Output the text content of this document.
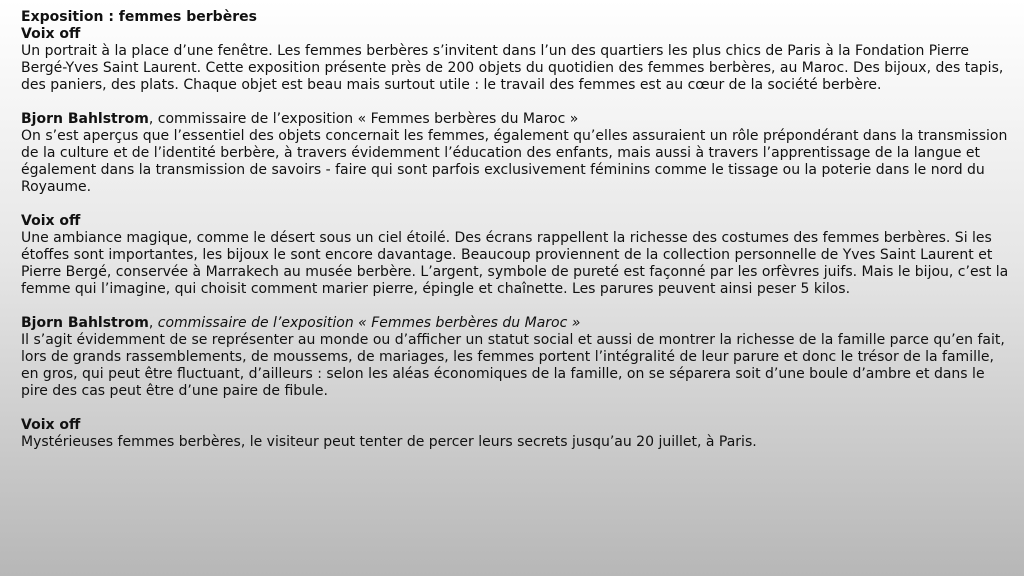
Exposition : femmes berbères

Voix off

Un portrait à la place d’une fenêtre. Les femmes berbères s’invitent dans l’un des quartiers les plus chics de Paris à la Fondation Pierre Bergé-Yves Saint Laurent. Cette exposition présente près de 200 objets du quotidien des femmes berbères, au Maroc. Des bijoux, des tapis, des paniers, des plats. Chaque objet est beau mais surtout utile : le travail des femmes est au cœur de la société berbère.

Bjorn Bahlstrom, commissaire de l’exposition « Femmes berbères du Maroc »

On s’est aperçus que l’essentiel des objets concernait les femmes, également qu’elles assuraient un rôle prépondérant dans la transmission de la culture et de l’identité berbère, à travers évidemment l’éducation des enfants, mais aussi à travers l’apprentissage de la langue et également dans la transmission de savoirs - faire qui sont parfois exclusivement féminins comme le tissage ou la poterie dans le nord du Royaume.

Voix off

Une ambiance magique, comme le désert sous un ciel étoilé. Des écrans rappellent la richesse des costumes des femmes berbères. Si les étoffes sont importantes, les bijoux le sont encore davantage. Beaucoup proviennent de la collection personnelle de Yves Saint Laurent et Pierre Bergé, conservée à Marrakech au musée berbère. L’argent, symbole de pureté est façonné par les orfèvres juifs. Mais le bijou, c’est la femme qui l’imagine, qui choisit comment marier pierre, épingle et chaînette. Les parures peuvent ainsi peser 5 kilos.

Bjorn Bahlstrom, commissaire de l’exposition « Femmes berbères du Maroc »

Il s’agit évidemment de se représenter au monde ou d’afficher un statut social et aussi de montrer la richesse de la famille parce qu’en fait, lors de grands rassemblements, de moussems, de mariages, les femmes portent l’intégralité de leur parure et donc le trésor de la famille, en gros, qui peut être fluctuant, d’ailleurs : selon les aléas économiques de la famille, on se séparera soit d’une boule d’ambre et dans le pire des cas peut être d’une paire de fibule.

Voix off

Mystérieuses femmes berbères, le visiteur peut tenter de percer leurs secrets jusqu’au 20 juillet, à Paris.
